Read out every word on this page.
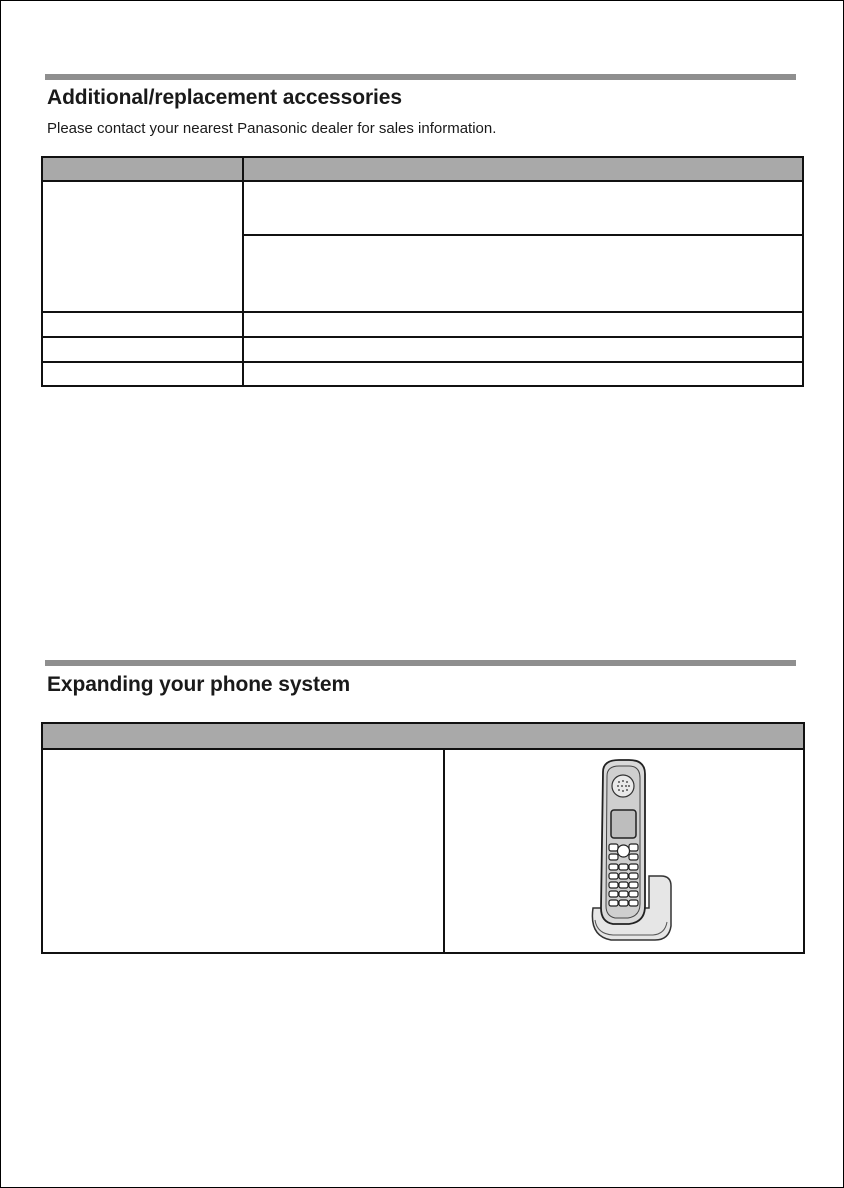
Additional/replacement accessories

Please contact your nearest Panasonic dealer for sales information.

Expanding your phone system
